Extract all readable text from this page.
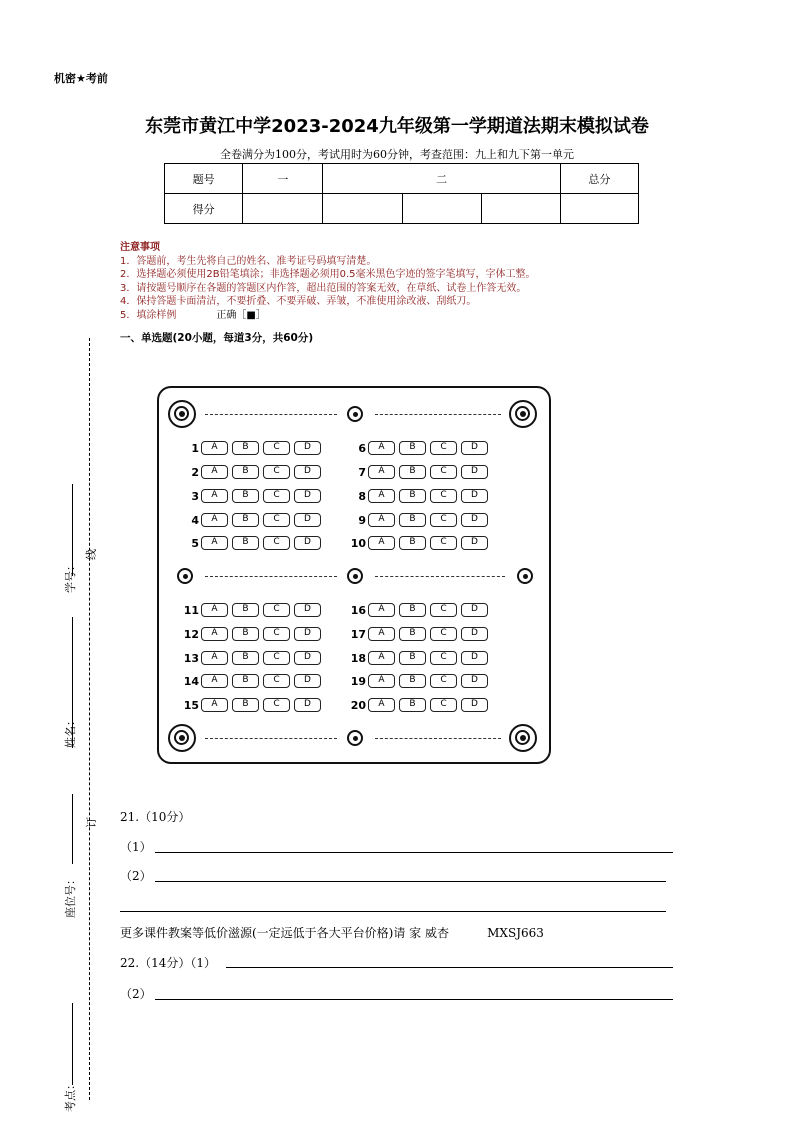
机密★考前
东莞市黄江中学2023-2024九年级第一学期道法期末模拟试卷
全卷满分为100分，考试用时为60分钟，考查范围：九上和九下第一单元
题号	一	二			总分
得分					
注意事项
1．答题前，考生先将自己的姓名、准考证号码填写清楚。
2．选择题必须使用2B铅笔填涂；非选择题必须用0.5毫米黑色字迹的签字笔填写，字体工整。
3．请按题号顺序在各题的答题区内作答，超出范围的答案无效，在草纸、试卷上作答无效。
4．保持答题卡面清洁，不要折叠、不要弄破、弄皱，不准使用涂改液、刮纸刀。
5．填涂样例	正确［■］
一、单选题(20小题，每道3分，共60分)
1	A	B	C	D
2	A	B	C	D
3	A	B	C	D
4	A	B	C	D
5	A	B	C	D
6	A	B	C	D
7	A	B	C	D
8	A	B	C	D
9	A	B	C	D
10	A	B	C	D
11	A	B	C	D
12	A	B	C	D
13	A	B	C	D
14	A	B	C	D
15	A	B	C	D
16	A	B	C	D
17	A	B	C	D
18	A	B	C	D
19	A	B	C	D
20	A	B	C	D
21.（10分）
（1）
（2）
更多课件教案等低价滋源(一定远低于各大平台价格)请 家 威杏          MXSJ663
22.（14分）（1）
（2）
学号：
姓名：
座位号：
考点：
线
订
